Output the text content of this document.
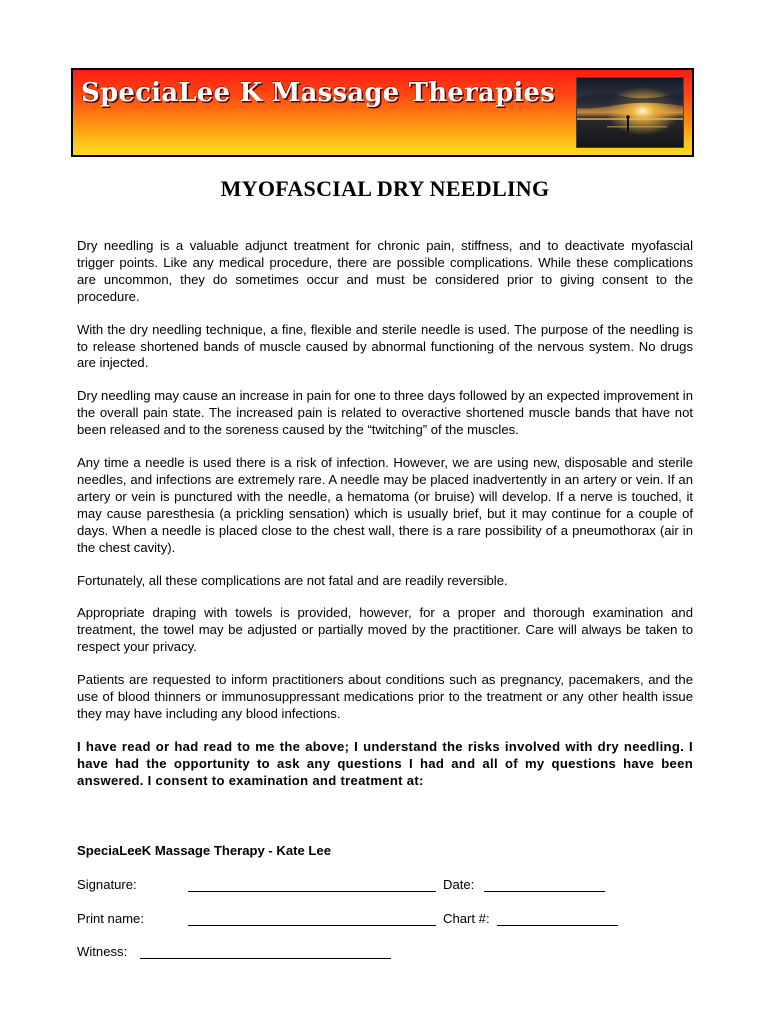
SpeciaLee K Massage Therapies
MYOFASCIAL DRY NEEDLING

Dry needling is a valuable adjunct treatment for chronic pain, stiffness, and to deactivate myofascial trigger points. Like any medical procedure, there are possible complications. While these complications are uncommon, they do sometimes occur and must be considered prior to giving consent to the procedure.

With the dry needling technique, a fine, flexible and sterile needle is used. The purpose of the needling is to release shortened bands of muscle caused by abnormal functioning of the nervous system. No drugs are injected.

Dry needling may cause an increase in pain for one to three days followed by an expected improvement in the overall pain state. The increased pain is related to overactive shortened muscle bands that have not been released and to the soreness caused by the “twitching” of the muscles.

Any time a needle is used there is a risk of infection. However, we are using new, disposable and sterile needles, and infections are extremely rare. A needle may be placed inadvertently in an artery or vein. If an artery or vein is punctured with the needle, a hematoma (or bruise) will develop. If a nerve is touched, it may cause paresthesia (a prickling sensation) which is usually brief, but it may continue for a couple of days. When a needle is placed close to the chest wall, there is a rare possibility of a pneumothorax (air in the chest cavity).

Fortunately, all these complications are not fatal and are readily reversible.

Appropriate draping with towels is provided, however, for a proper and thorough examination and treatment, the towel may be adjusted or partially moved by the practitioner. Care will always be taken to respect your privacy.

Patients are requested to inform practitioners about conditions such as pregnancy, pacemakers, and the use of blood thinners or immunosuppressant medications prior to the treatment or any other health issue they may have including any blood infections.

I have read or had read to me the above; I understand the risks involved with dry needling. I have had the opportunity to ask any questions I had and all of my questions have been answered. I consent to examination and treatment at:

SpeciaLeeK Massage Therapy - Kate Lee

Signature:	Date:
Print name:	Chart #:
Witness:
